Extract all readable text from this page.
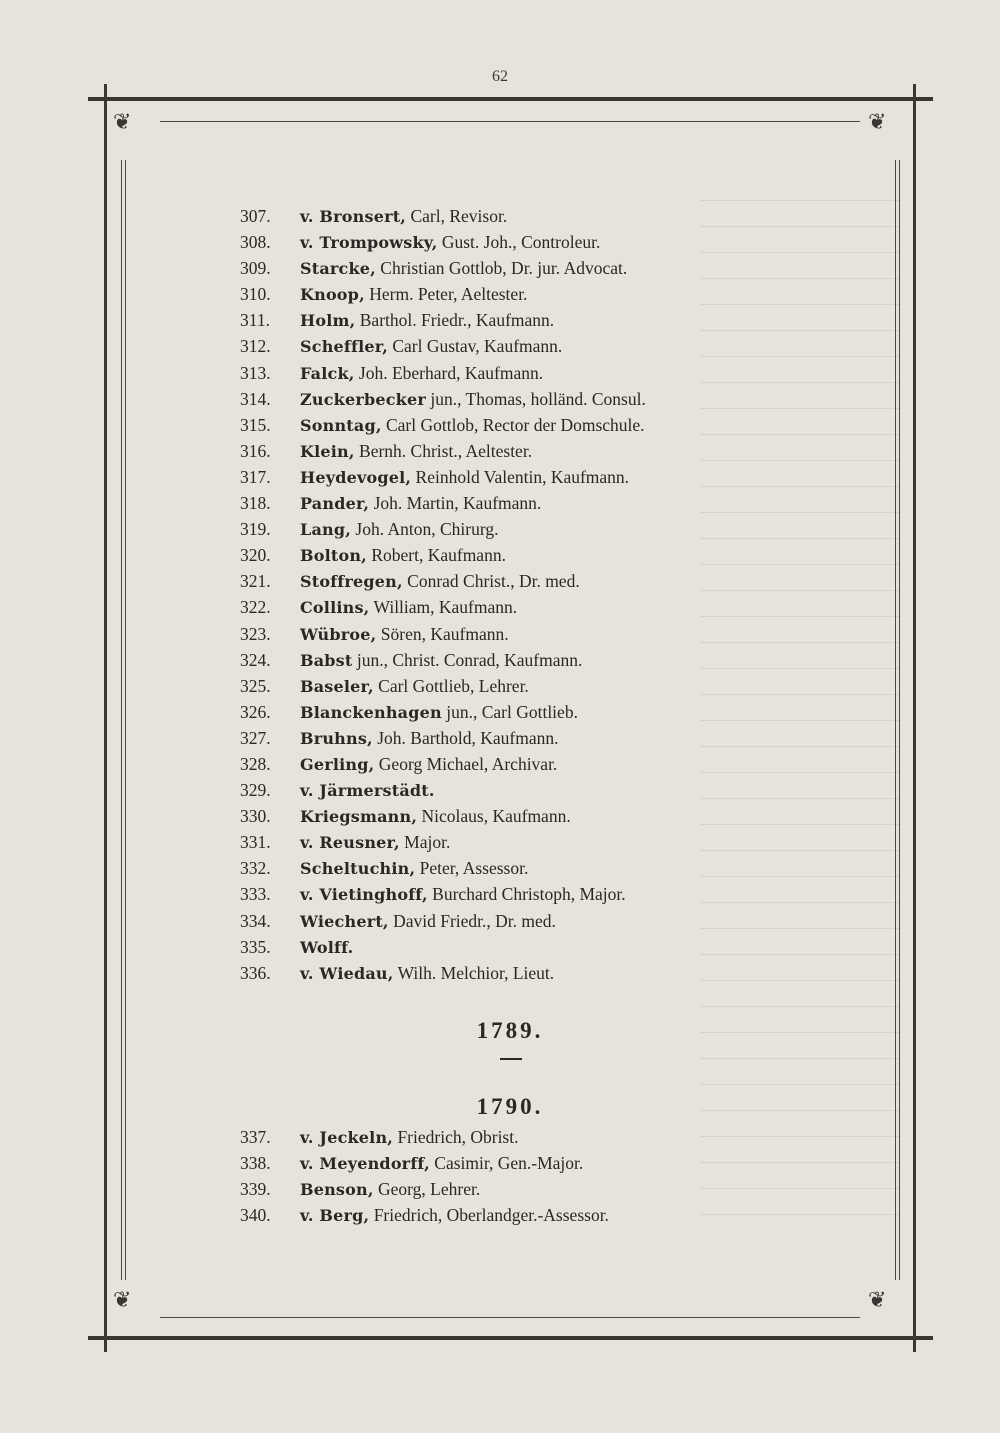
62
❦	❦
❦	❦
307. v. Bronsert, Carl, Revisor.
308. v. Trompowsky, Gust. Joh., Controleur.
309. Starcke, Christian Gottlob, Dr. jur. Advocat.
310. Knoop, Herm. Peter, Aeltester.
311. Holm, Barthol. Friedr., Kaufmann.
312. Scheffler, Carl Gustav, Kaufmann.
313. Falck, Joh. Eberhard, Kaufmann.
314. Zuckerbecker jun., Thomas, holländ. Consul.
315. Sonntag, Carl Gottlob, Rector der Domschule.
316. Klein, Bernh. Christ., Aeltester.
317. Heydevogel, Reinhold Valentin, Kaufmann.
318. Pander, Joh. Martin, Kaufmann.
319. Lang, Joh. Anton, Chirurg.
320. Bolton, Robert, Kaufmann.
321. Stoffregen, Conrad Christ., Dr. med.
322. Collins, William, Kaufmann.
323. Wübroe, Sören, Kaufmann.
324. Babst jun., Christ. Conrad, Kaufmann.
325. Baseler, Carl Gottlieb, Lehrer.
326. Blanckenhagen jun., Carl Gottlieb.
327. Bruhns, Joh. Barthold, Kaufmann.
328. Gerling, Georg Michael, Archivar.
329. v. Järmerstädt.
330. Kriegsmann, Nicolaus, Kaufmann.
331. v. Reusner, Major.
332. Scheltuchin, Peter, Assessor.
333. v. Vietinghoff, Burchard Christoph, Major.
334. Wiechert, David Friedr., Dr. med.
335. Wolff.
336. v. Wiedau, Wilh. Melchior, Lieut.
1789.
1790.
337. v. Jeckeln, Friedrich, Obrist.
338. v. Meyendorff, Casimir, Gen.-Major.
339. Benson, Georg, Lehrer.
340. v. Berg, Friedrich, Oberlandger.-Assessor.
